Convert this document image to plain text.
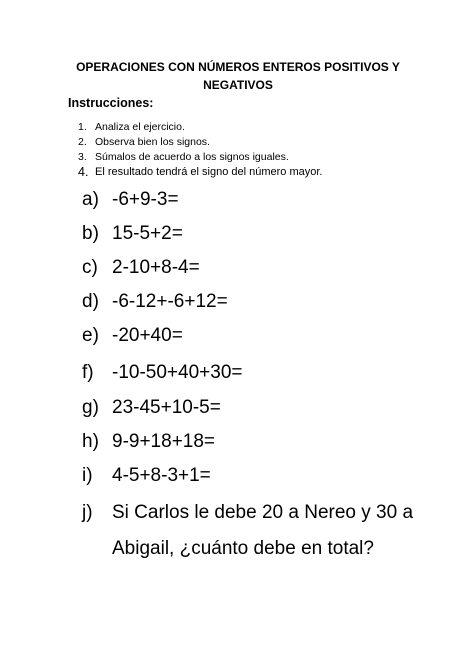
OPERACIONES CON NÚMEROS ENTEROS POSITIVOS Y NEGATIVOS

Instrucciones:

1. Analiza el ejercicio.
2. Observa bien los signos.
3. Súmalos de acuerdo a los signos iguales.
4. El resultado tendrá el signo del número mayor.
a) -6+9-3=
b) 15-5+2=
c) 2-10+8-4=
d) -6-12+-6+12=
e) -20+40=
f) -10-50+40+30=
g) 23-45+10-5=
h) 9-9+18+18=
i)	4-5+8-3+1=
j)	Si Carlos le debe 20 a Nereo y 30 a Abigail, ¿cuánto debe en total?
